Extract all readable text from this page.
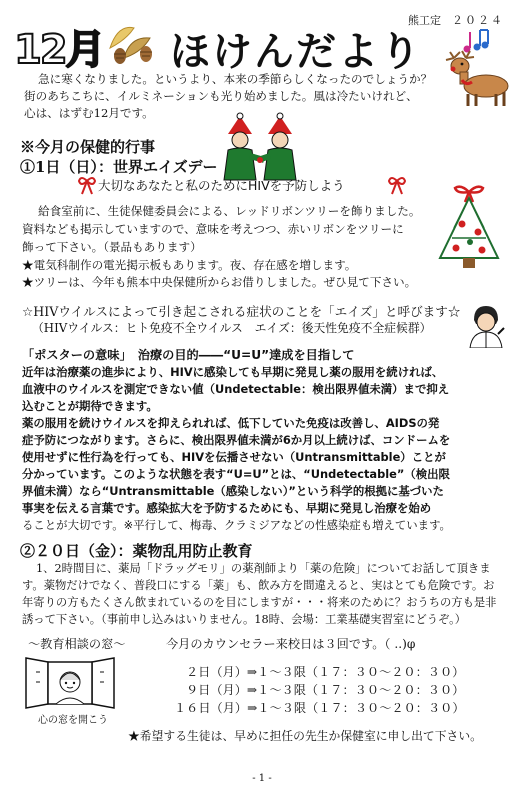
熊工定　 ２０２４
12月 ほけんだより
急に寒くなりました。というより、本来の季節らしくなったのでしょうか？
街のあちこちに、イルミネーションも光り始めました。風は冷たいけれど、
心は、はずむ12月です。
※今月の保健的行事
①1日（日）：世界エイズデー
大切なあなたと私のためにHIVを予防しよう
給食室前に、生徒保健委員会による、レッドリボンツリーを飾りました。
資料なども掲示していますので、意味を考えつつ、赤いリボンをツリーに
飾って下さい。（景品もあります）
★電気科制作の電光掲示板もあります。夜、存在感を増します。
★ツリーは、今年も熊本中央保健所からお借りしました。ぜひ見て下さい。
☆HIVウイルスによって引き起こされる症状のことを「エイズ」と呼びます☆
（HIVウイルス：ヒト免疫不全ウイルス　エイズ：後天性免疫不全症候群）
「ポスターの意味」　治療の目的――“U=U”達成を目指して
近年は治療薬の進歩により、HIVに感染しても早期に発見し薬の服用を続ければ、
血液中のウイルスを測定できない値（Undetectable：検出限界値未満）まで抑え
込むことが期待できます。
薬の服用を続けウイルスを抑えられれば、低下していた免疫は改善し、AIDSの発
症予防につながります。さらに、検出限界値未満が6か月以上続けば、コンドームを
使用せずに性行為を行っても、HIVを伝播させない（Untransmittable）ことが
分かっています。このような状態を表す“U=U”とは、“Undetectable”（検出限
界値未満）なら“Untransmittable（感染しない）”という科学的根拠に基づいた
事実を伝える言葉です。感染拡大を予防するためにも、早期に発見し治療を始め
ることが大切です。※平行して、梅毒、クラミジアなどの性感染症も増えています。
②２０日（金）：薬物乱用防止教育
1、2時間目に、薬局「ドラッグモリ」の薬剤師より「薬の危険」についてお話して頂きま
す。薬物だけでなく、普段口にする「薬」も、飲み方を間違えると、実はとても危険です。お
年寄りの方もたくさん飲まれているのを目にしますが・・・将来のために？おうちの方も是非
誘って下さい。（事前申し込みはいりません。18時、会場：工業基礎実習室にどうぞ。）
～教育相談の窓～	今月のカウンセラー来校日は３回です。（ ..)φ
心の窓を開こう
２日（月）⇒１～３限（１７：３０～２０：３０）
９日（月）⇒１～３限（１７：３０～２０：３０）
１６日（月）⇒１～３限（１７：３０～２０：３０）
★希望する生徒は、早めに担任の先生か保健室に申し出て下さい。
- 1 -
